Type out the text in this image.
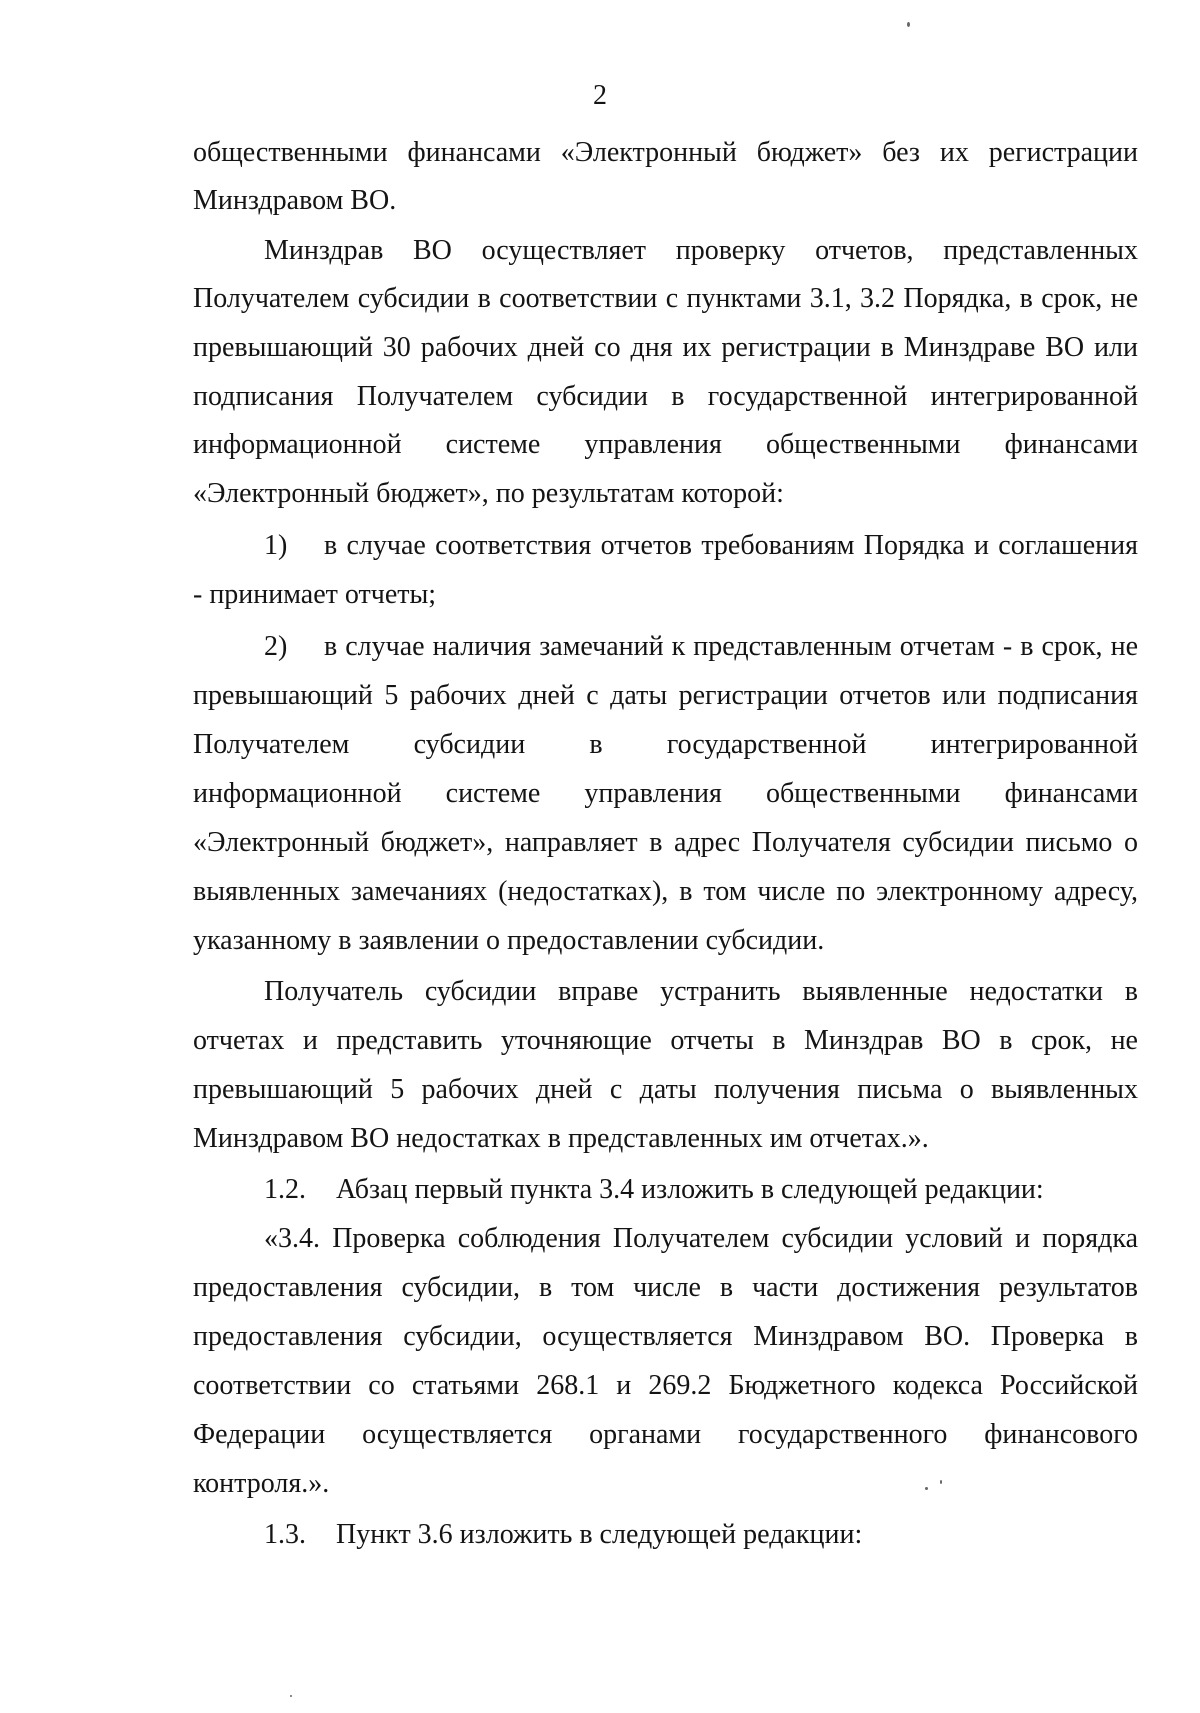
2
общественными финансами «Электронный бюджет» без их регистрации
Минздравом ВО.
Минздрав ВО осуществляет проверку отчетов, представленных
Получателем субсидии в соответствии с пунктами 3.1, 3.2 Порядка, в срок, не
превышающий 30 рабочих дней со дня их регистрации в Минздраве ВО или
подписания Получателем субсидии в государственной интегрированной
информационной системе управления общественными финансами
«Электронный бюджет», по результатам которой:
1)	в случае соответствия отчетов требованиям Порядка и соглашения
- принимает отчеты;
2)	в случае наличия замечаний к представленным отчетам - в срок, не
превышающий 5 рабочих дней с даты регистрации отчетов или подписания
Получателем субсидии в государственной интегрированной
информационной системе управления общественными финансами
«Электронный бюджет», направляет в адрес Получателя субсидии письмо о
выявленных замечаниях (недостатках), в том числе по электронному адресу,
указанному в заявлении о предоставлении субсидии.
Получатель субсидии вправе устранить выявленные недостатки в
отчетах и представить уточняющие отчеты в Минздрав ВО в срок, не
превышающий 5 рабочих дней с даты получения письма о выявленных
Минздравом ВО недостатках в представленных им отчетах.».
1.2.	Абзац первый пункта 3.4 изложить в следующей редакции:
«3.4. Проверка соблюдения Получателем субсидии условий и порядка
предоставления субсидии, в том числе в части достижения результатов
предоставления субсидии, осуществляется Минздравом ВО. Проверка в
соответствии со статьями 268.1 и 269.2 Бюджетного кодекса Российской
Федерации осуществляется органами государственного финансового
контроля.».
1.3.	Пункт 3.6 изложить в следующей редакции:
